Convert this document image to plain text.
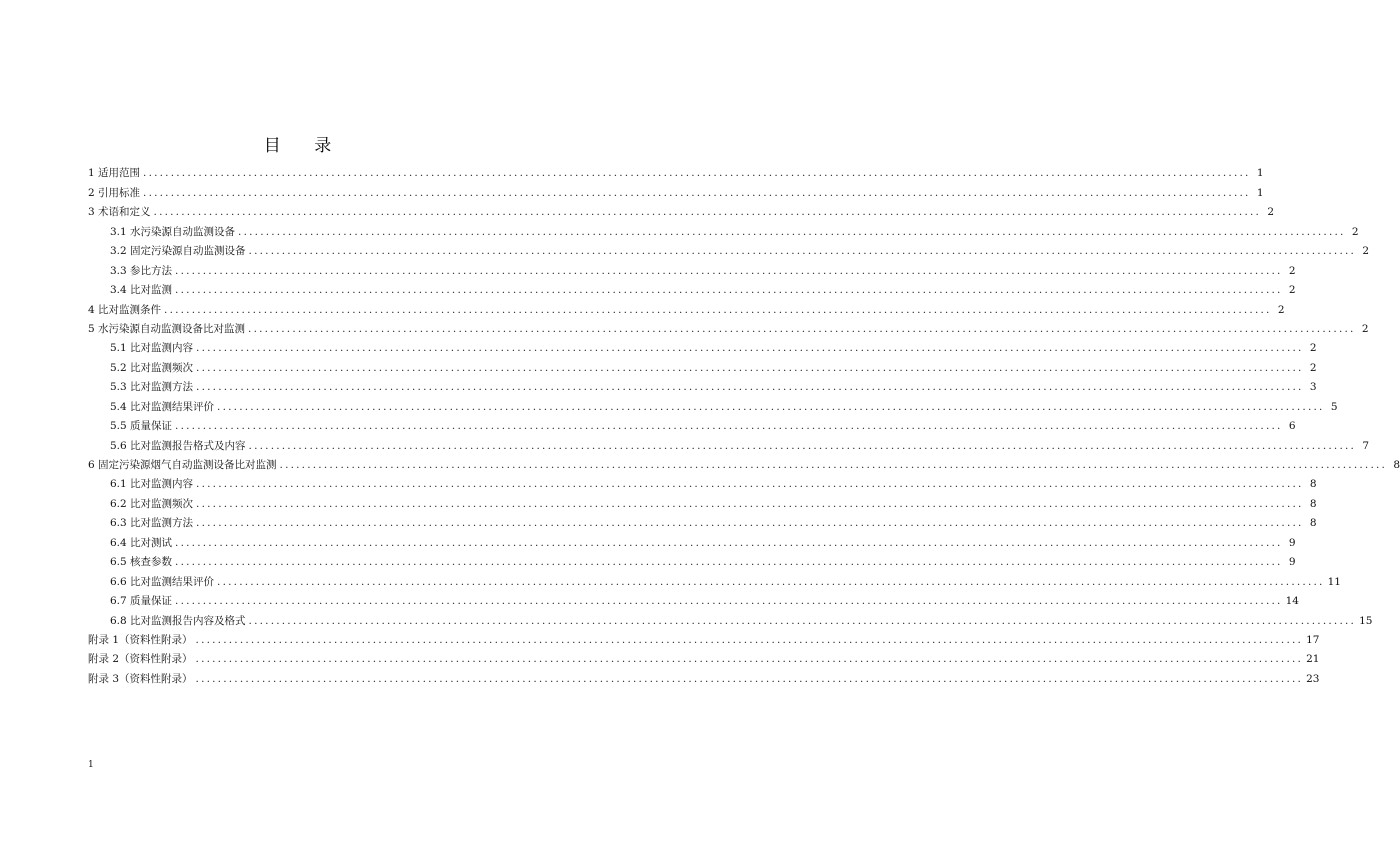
目 录
1 适用范围 ........................................................................................................................................................................................................ 1
2 引用标准 ........................................................................................................................................................................................................ 1
3 术语和定义 ........................................................................................................................................................................................................ 2
3.1 水污染源自动监测设备 ........................................................................................................................................................................................................ 2
3.2 固定污染源自动监测设备 ........................................................................................................................................................................................................ 2
3.3 参比方法 ........................................................................................................................................................................................................ 2
3.4 比对监测 ........................................................................................................................................................................................................ 2
4 比对监测条件 ........................................................................................................................................................................................................ 2
5 水污染源自动监测设备比对监测 ........................................................................................................................................................................................................ 2
5.1 比对监测内容 ........................................................................................................................................................................................................ 2
5.2 比对监测频次 ........................................................................................................................................................................................................ 2
5.3 比对监测方法 ........................................................................................................................................................................................................ 3
5.4 比对监测结果评价 ........................................................................................................................................................................................................ 5
5.5 质量保证 ........................................................................................................................................................................................................ 6
5.6 比对监测报告格式及内容 ........................................................................................................................................................................................................ 7
6 固定污染源烟气自动监测设备比对监测 ........................................................................................................................................................................................................ 8
6.1 比对监测内容 ........................................................................................................................................................................................................ 8
6.2 比对监测频次 ........................................................................................................................................................................................................ 8
6.3 比对监测方法 ........................................................................................................................................................................................................ 8
6.4 比对测试 ........................................................................................................................................................................................................ 9
6.5 核查参数 ........................................................................................................................................................................................................ 9
6.6 比对监测结果评价 ........................................................................................................................................................................................................ 11
6.7 质量保证 ........................................................................................................................................................................................................ 14
6.8 比对监测报告内容及格式 ........................................................................................................................................................................................................ 15
附录 1（资料性附录） ........................................................................................................................................................................................................ 17
附录 2（资料性附录） ........................................................................................................................................................................................................ 21
附录 3（资料性附录） ........................................................................................................................................................................................................ 23
1
